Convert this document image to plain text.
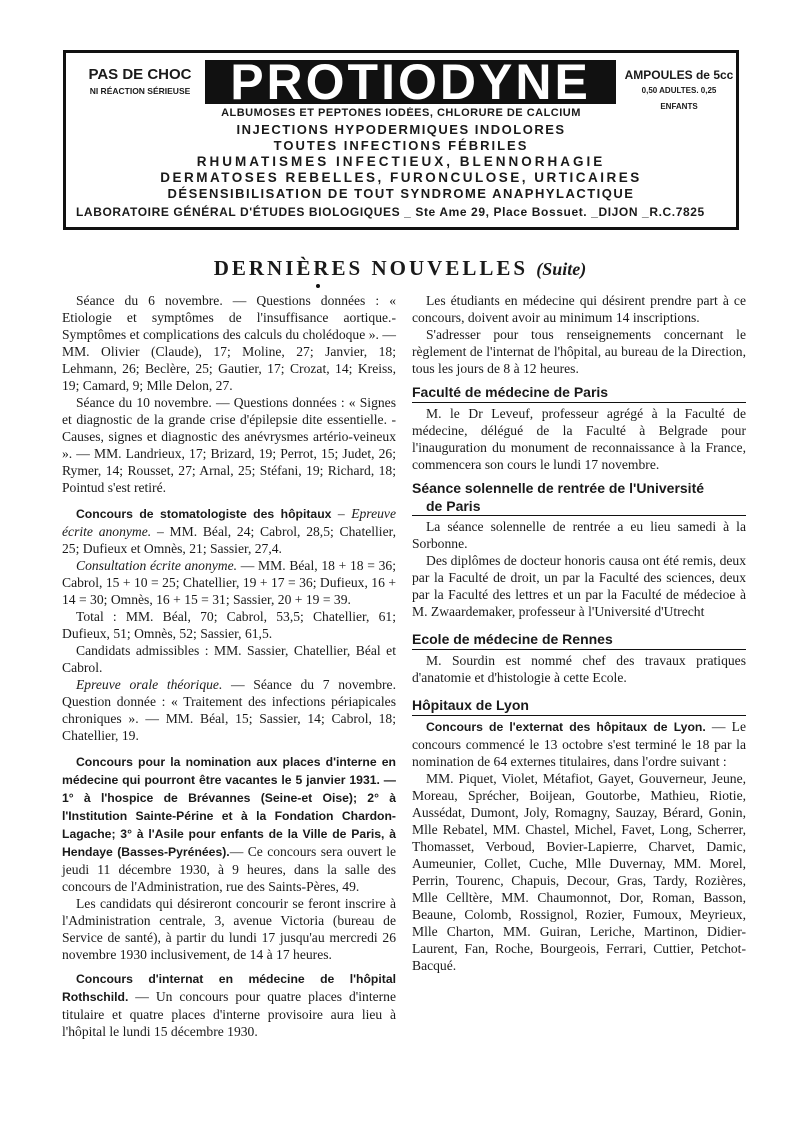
PAS DE CHOC
NI RÉACTION SÉRIEUSE PROTIODYNE	AMPOULES de 5cc
0,50 ADULTES. 0,25 ENFANTS
ALBUMOSES ET PEPTONES IODÉES, CHLORURE DE CALCIUM
INJECTIONS HYPODERMIQUES INDOLORES
TOUTES INFECTIONS FÉBRILES
RHUMATISMES INFECTIEUX, BLENNORHAGIE
DERMATOSES REBELLES, FURONCULOSE, URTICAIRES
DÉSENSIBILISATION DE TOUT SYNDROME ANAPHYLACTIQUE
LABORATOIRE GÉNÉRAL D'ÉTUDES BIOLOGIQUES _ Ste Ame 29, Place Bossuet. _DIJON _R.C.7825
DERNIÈRES NOUVELLES (Suite)

Séance du 6 novembre. — Questions données : « Etiologie et symptômes de l'insuffisance aortique.- Symptômes et complications des calculs du cholédoque ». — MM. Olivier (Claude), 17; Moline, 27; Janvier, 18; Lehmann, 26; Beclère, 25; Gautier, 17; Crozat, 14; Kreiss, 19; Camard, 9; Mlle Delon, 27.

Séance du 10 novembre. — Questions données : « Signes et diagnostic de la grande crise d'épilepsie dite essentielle. - Causes, signes et diagnostic des anévrysmes artério-veineux ». — MM. Landrieux, 17; Brizard, 19; Perrot, 15; Judet, 26; Rymer, 14; Rousset, 27; Arnal, 25; Stéfani, 19; Richard, 18; Pointud s'est retiré.

Concours de stomatologiste des hôpitaux – Epreuve écrite anonyme. – MM. Béal, 24; Cabrol, 28,5; Chatellier, 25; Dufieux et Omnès, 21; Sassier, 27,4.

Consultation écrite anonyme. — MM. Béal, 18 + 18 = 36; Cabrol, 15 + 10 = 25; Chatellier, 19 + 17 = 36; Dufieux, 16 + 14 = 30; Omnès, 16 + 15 = 31; Sassier, 20 + 19 = 39.

Total : MM. Béal, 70; Cabrol, 53,5; Chatellier, 61; Dufieux, 51; Omnès, 52; Sassier, 61,5.

Candidats admissibles : MM. Sassier, Chatellier, Béal et Cabrol.

Epreuve orale théorique. — Séance du 7 novembre. Question donnée : « Traitement des infections périapicales chroniques ». — MM. Béal, 15; Sassier, 14; Cabrol, 18; Chatellier, 19.

Concours pour la nomination aux places d'interne en médecine qui pourront être vacantes le 5 janvier 1931. — 1° à l'hospice de Brévannes (Seine-et Oise); 2° à l'Institution Sainte-Périne et à la Fondation Chardon-Lagache; 3° à l'Asile pour enfants de la Ville de Paris, à Hendaye (Basses-Pyrénées).— Ce concours sera ouvert le jeudi 11 décembre 1930, à 9 heures, dans la salle des concours de l'Administration, rue des Saints-Pères, 49.

Les candidats qui désireront concourir se feront inscrire à l'Administration centrale, 3, avenue Victoria (bureau de Service de santé), à partir du lundi 17 jusqu'au mercredi 26 novembre 1930 inclusivement, de 14 à 17 heures.

Concours d'internat en médecine de l'hôpital Rothschild. — Un concours pour quatre places d'interne titulaire et quatre places d'interne provisoire aura lieu à l'hôpital le lundi 15 décembre 1930.

Les étudiants en médecine qui désirent prendre part à ce concours, doivent avoir au minimum 14 inscriptions.

S'adresser pour tous renseignements concernant le règlement de l'internat de l'hôpital, au bureau de la Direction, tous les jours de 8 à 12 heures.

Faculté de médecine de Paris

M. le Dr Leveuf, professeur agrégé à la Faculté de médecine, délégué de la Faculté à Belgrade pour l'inauguration du monument de reconnaissance à la France, commencera son cours le lundi 17 novembre.

Séance solennelle de rentrée de l'Université
de Paris

La séance solennelle de rentrée a eu lieu samedi à la Sorbonne.

Des diplômes de docteur honoris causa ont été remis, deux par la Faculté de droit, un par la Faculté des sciences, deux par la Faculté des lettres et un par la Faculté de médecioe à M. Zwaardemaker, professeur à l'Université d'Utrecht

Ecole de médecine de Rennes

M. Sourdin est nommé chef des travaux pratiques d'anatomie et d'histologie à cette Ecole.

Hôpitaux de Lyon

Concours de l'externat des hôpitaux de Lyon. — Le concours commencé le 13 octobre s'est terminé le 18 par la nomination de 64 externes titulaires, dans l'ordre suivant :

MM. Piquet, Violet, Métafiot, Gayet, Gouverneur, Jeune, Moreau, Sprécher, Boijean, Goutorbe, Mathieu, Riotie, Aussédat, Dumont, Joly, Romagny, Sauzay, Bérard, Gonin, Mlle Rebatel, MM. Chastel, Michel, Favet, Long, Scherrer, Thomasset, Verboud, Bovier-Lapierre, Charvet, Damic, Aumeunier, Collet, Cuche, Mlle Duvernay, MM. Morel, Perrin, Tourenc, Chapuis, Decour, Gras, Tardy, Rozières, Mlle Celltère, MM. Chaumonnot, Dor, Roman, Basson, Beaune, Colomb, Rossignol, Rozier, Fumoux, Meyrieux, Mlle Charton, MM. Guiran, Leriche, Martinon, Didier-Laurent, Fan, Roche, Bourgeois, Ferrari, Cuttier, Petchot-Bacqué.
